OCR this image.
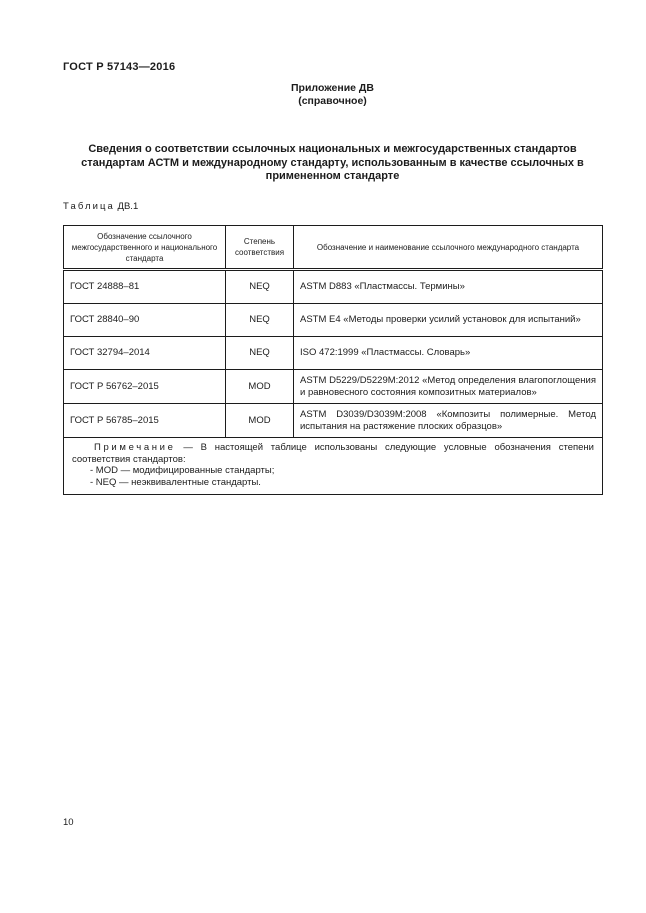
ГОСТ Р 57143—2016
Приложение ДВ
(справочное)
Сведения о соответствии ссылочных национальных и межгосударственных стандартов стандартам АСТМ и международному стандарту, использованным в качестве ссылочных в примененном стандарте
Таблица ДВ.1
Обозначение ссылочного межгосударственного и национального стандарта	Степень соответствия	Обозначение и наименование ссылочного международного стандарта
ГОСТ 24888–81	NEQ	ASTM D883 «Пластмассы. Термины»
ГОСТ 28840–90	NEQ	ASTM E4 «Методы проверки усилий установок для испытаний»
ГОСТ 32794–2014	NEQ	ISO 472:1999 «Пластмассы. Словарь»
ГОСТ Р 56762–2015	MOD	ASTM D5229/D5229M:2012 «Метод определения влагопоглощения и равновесного состояния композитных материалов»
ГОСТ Р 56785–2015	MOD	ASTM D3039/D3039M:2008 «Композиты полимерные. Метод испытания на растяжение плоских образцов»

Примечание — В настоящей таблице использованы следующие условные обозначения степени соответствия стандартов:
- MOD — модифицированные стандарты;
- NEQ — неэквивалентные стандарты.		
10
